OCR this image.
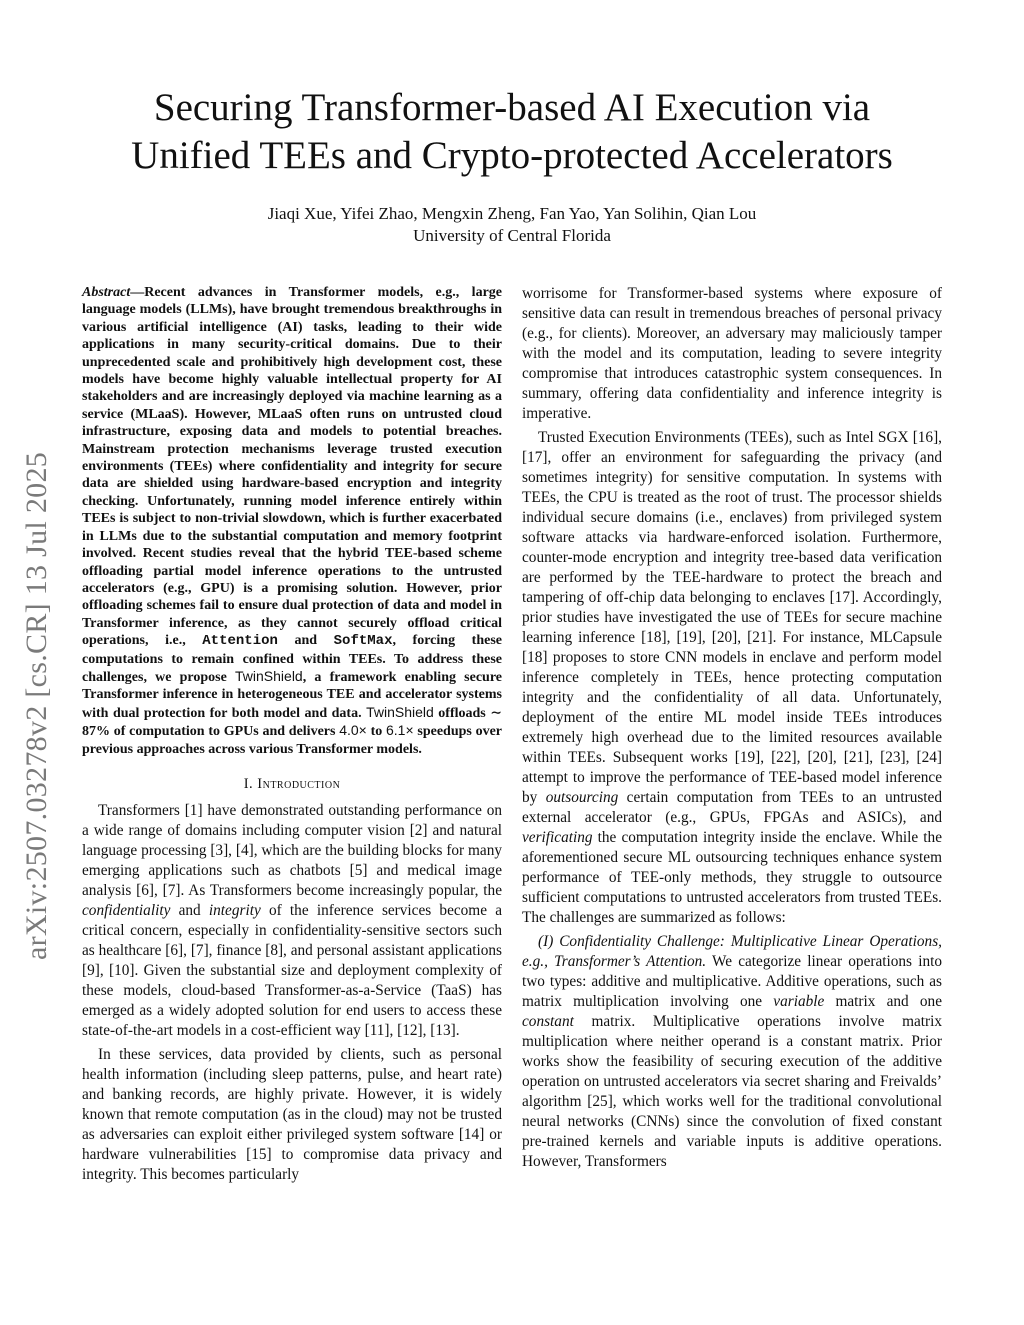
arXiv:2507.03278v2 [cs.CR] 13 Jul 2025
Securing Transformer-based AI Execution via
Unified TEEs and Crypto-protected Accelerators
Jiaqi Xue, Yifei Zhao, Mengxin Zheng, Fan Yao, Yan Solihin, Qian Lou
University of Central Florida

Abstract—Recent advances in Transformer models, e.g., large language models (LLMs), have brought tremendous breakthroughs in various artificial intelligence (AI) tasks, leading to their wide applications in many security-critical domains. Due to their unprecedented scale and prohibitively high development cost, these models have become highly valuable intellectual property for AI stakeholders and are increasingly deployed via machine learning as a service (MLaaS). However, MLaaS often runs on untrusted cloud infrastructure, exposing data and models to potential breaches. Mainstream protection mechanisms leverage trusted execution environments (TEEs) where confidentiality and integrity for secure data are shielded using hardware-based encryption and integrity checking. Unfortunately, running model inference entirely within TEEs is subject to non-trivial slowdown, which is further exacerbated in LLMs due to the substantial computation and memory footprint involved. Recent studies reveal that the hybrid TEE-based scheme offloading partial model inference operations to the untrusted accelerators (e.g., GPU) is a promising solution. However, prior offloading schemes fail to ensure dual protection of data and model in Transformer inference, as they cannot securely offload critical operations, i.e., Attention and SoftMax, forcing these computations to remain confined within TEEs. To address these challenges, we propose TwinShield, a framework enabling secure Transformer inference in heterogeneous TEE and accelerator systems with dual protection for both model and data. TwinShield offloads ∼ 87% of computation to GPUs and delivers 4.0× to 6.1× speedups over previous approaches across various Transformer models.

I. Introduction

Transformers [1] have demonstrated outstanding performance on a wide range of domains including computer vision [2] and natural language processing [3], [4], which are the building blocks for many emerging applications such as chatbots [5] and medical image analysis [6], [7]. As Transformers become increasingly popular, the confidentiality and integrity of the inference services become a critical concern, especially in confidentiality-sensitive sectors such as healthcare [6], [7], finance [8], and personal assistant applications [9], [10]. Given the substantial size and deployment complexity of these models, cloud-based Transformer-as-a-Service (TaaS) has emerged as a widely adopted solution for end users to access these state-of-the-art models in a cost-efficient way [11], [12], [13].

In these services, data provided by clients, such as personal health information (including sleep patterns, pulse, and heart rate) and banking records, are highly private. However, it is widely known that remote computation (as in the cloud) may not be trusted as adversaries can exploit either privileged system software [14] or hardware vulnerabilities [15] to compromise data privacy and integrity. This becomes particularly

worrisome for Transformer-based systems where exposure of sensitive data can result in tremendous breaches of personal privacy (e.g., for clients). Moreover, an adversary may maliciously tamper with the model and its computation, leading to severe integrity compromise that introduces catastrophic system consequences. In summary, offering data confidentiality and inference integrity is imperative.

Trusted Execution Environments (TEEs), such as Intel SGX [16], [17], offer an environment for safeguarding the privacy (and sometimes integrity) for sensitive computation. In systems with TEEs, the CPU is treated as the root of trust. The processor shields individual secure domains (i.e., enclaves) from privileged system software attacks via hardware-enforced isolation. Furthermore, counter-mode encryption and integrity tree-based data verification are performed by the TEE-hardware to protect the breach and tampering of off-chip data belonging to enclaves [17]. Accordingly, prior studies have investigated the use of TEEs for secure machine learning inference [18], [19], [20], [21]. For instance, MLCapsule [18] proposes to store CNN models in enclave and perform model inference completely in TEEs, hence protecting computation integrity and the confidentiality of all data. Unfortunately, deployment of the entire ML model inside TEEs introduces extremely high overhead due to the limited resources available within TEEs. Subsequent works [19], [22], [20], [21], [23], [24] attempt to improve the performance of TEE-based model inference by outsourcing certain computation from TEEs to an untrusted external accelerator (e.g., GPUs, FPGAs and ASICs), and verificating the computation integrity inside the enclave. While the aforementioned secure ML outsourcing techniques enhance system performance of TEE-only methods, they struggle to outsource sufficient computations to untrusted accelerators from trusted TEEs. The challenges are summarized as follows:

(I) Confidentiality Challenge: Multiplicative Linear Operations, e.g., Transformer’s Attention. We categorize linear operations into two types: additive and multiplicative. Additive operations, such as matrix multiplication involving one variable matrix and one constant matrix. Multiplicative operations involve matrix multiplication where neither operand is a constant matrix. Prior works show the feasibility of securing execution of the additive operation on untrusted accelerators via secret sharing and Freivalds’ algorithm [25], which works well for the traditional convolutional neural networks (CNNs) since the convolution of fixed constant pre-trained kernels and variable inputs is additive operations. However, Transformers
